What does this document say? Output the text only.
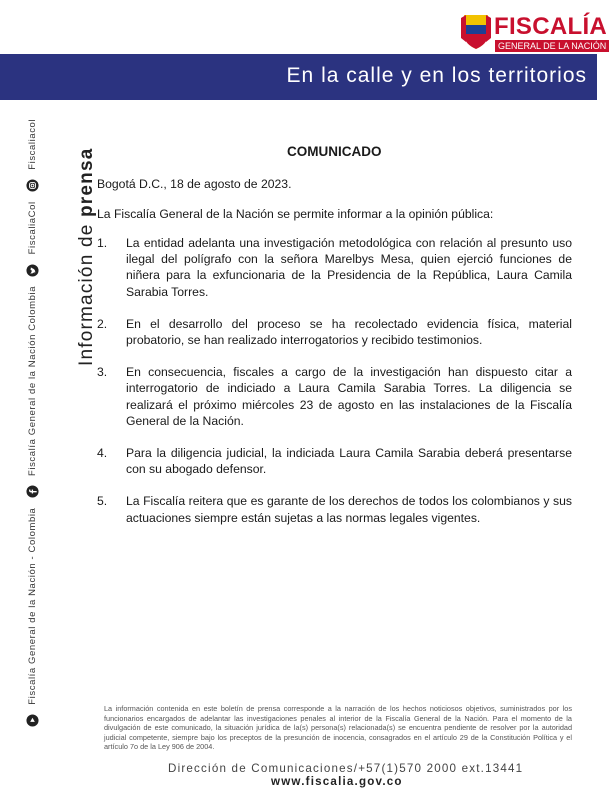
FISCALÍA
GENERAL DE LA NACIÓN
En la calle y en los territorios
Fiscalía General de la Nación - Colombia  Fiscalía General de la Nación Colombia  FiscaliaCol  Fiscaliacol
Información de prensa	COMUNICADO
Bogotá D.C., 18 de agosto de 2023.
La Fiscalía General de la Nación se permite informar a la opinión pública:
1. La entidad adelanta una investigación metodológica con relación al presunto uso ilegal del polígrafo con la señora Marelbys Mesa, quien ejerció funciones de niñera para la exfuncionaria de la Presidencia de la República, Laura Camila Sarabia Torres.
2. En el desarrollo del proceso se ha recolectado evidencia física, material probatorio, se han realizado interrogatorios y recibido testimonios.
3. En consecuencia, fiscales a cargo de la investigación han dispuesto citar a interrogatorio de indiciado a Laura Camila Sarabia Torres. La diligencia se realizará el próximo miércoles 23 de agosto en las instalaciones de la Fiscalía General de la Nación.
4. Para la diligencia judicial, la indiciada Laura Camila Sarabia deberá presentarse con su abogado defensor.
5. La Fiscalía reitera que es garante de los derechos de todos los colombianos y sus actuaciones siempre están sujetas a las normas legales vigentes.
La información contenida en este boletín de prensa corresponde a la narración de los hechos noticiosos objetivos, suministrados por los funcionarios encargados de adelantar las investigaciones penales al interior de la Fiscalía General de la Nación. Para el momento de la divulgación de este comunicado, la situación jurídica de la(s) persona(s) relacionada(s) se encuentra pendiente de resolver por la autoridad judicial competente, siempre bajo los preceptos de la presunción de inocencia, consagrados en el artículo 29 de la Constitución Política y el artículo 7o de la Ley 906 de 2004.
Dirección de Comunicaciones/+57(1)570 2000 ext.13441
www.fiscalia.gov.co
